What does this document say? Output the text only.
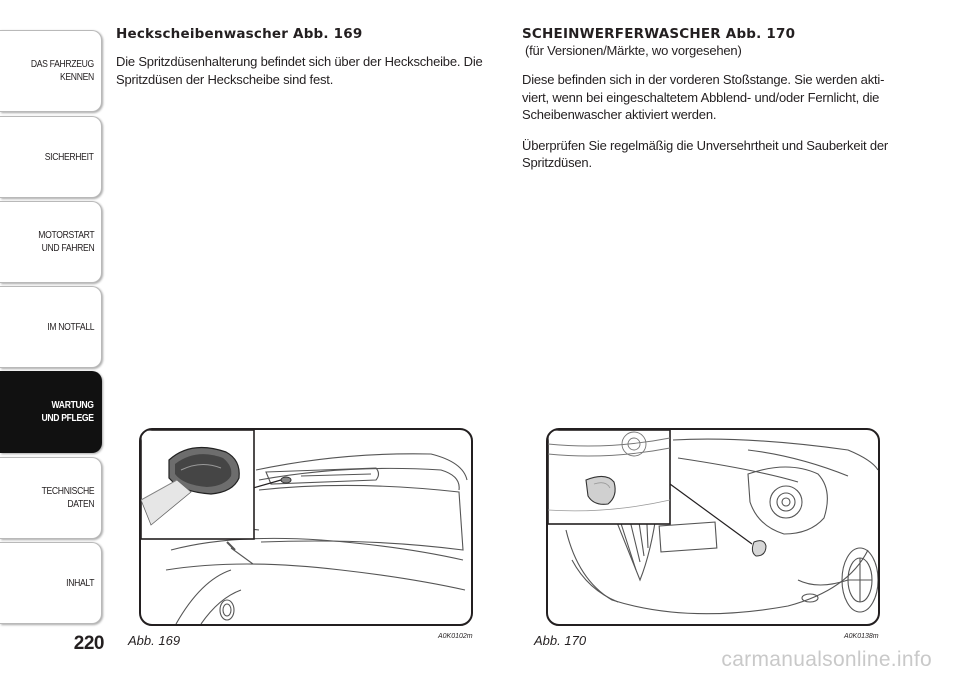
DAS FAHRZEUG
KENNEN
SICHERHEIT
MOTORSTART
UND FAHREN
IM NOTFALL
WARTUNG
UND PFLEGE
TECHNISCHE
DATEN
INHALT
220
Heckscheibenwascher Abb. 169

Die Spritzdüsenhalterung befindet sich über der Heckscheibe. Die Spritzdüsen der Heckscheibe sind fest.

SCHEINWERFERWASCHER Abb. 170
(für Versionen/Märkte, wo vorgesehen)

Diese befinden sich in der vorderen Stoßstange. Sie werden akti-viert, wenn bei eingeschaltetem Abblend- und/oder Fernlicht, die Scheibenwascher aktiviert werden.

Überprüfen Sie regelmäßig die Unversehrtheit und Sauberkeit der Spritzdüsen.

Abb. 169	A0K0102m	Abb. 170	A0K0138m
carmanualsonline.info
